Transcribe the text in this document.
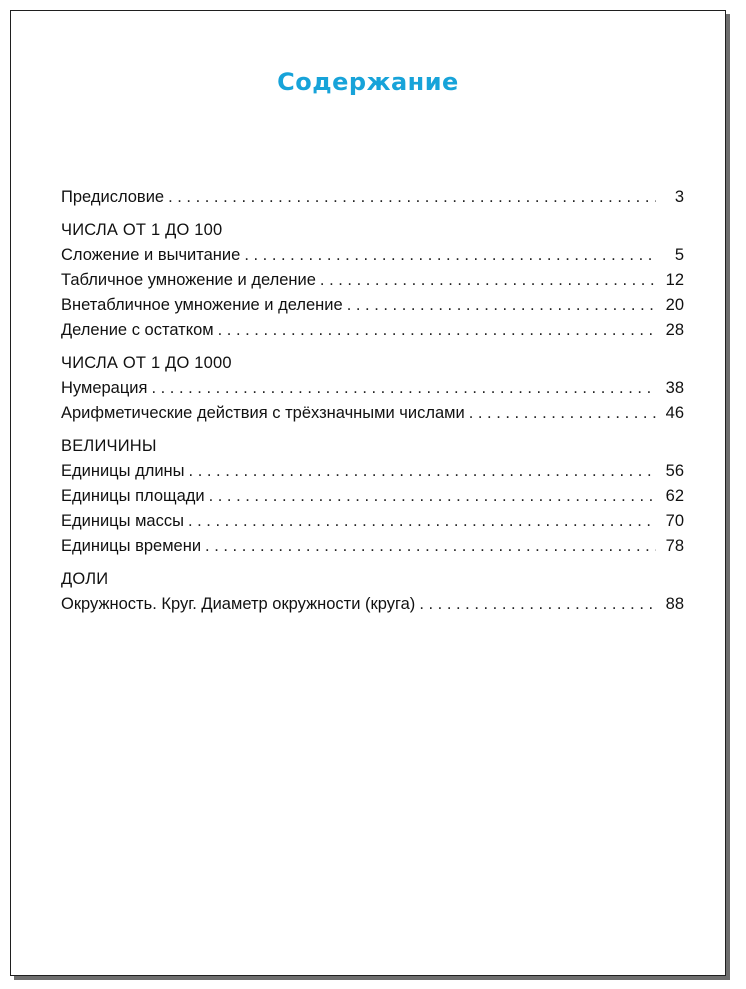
Содержание
Предисловие . . .	3
ЧИСЛА ОТ 1 ДО 100
Сложение и вычитание . . .	5
Табличное умножение и деление . . .	12
Внетабличное умножение и деление . . .	20
Деление с остатком . . .	28
ЧИСЛА ОТ 1 ДО 1000
Нумерация . . .	38
Арифметические действия с трёхзначными числами . . .	46
ВЕЛИЧИНЫ
Единицы длины . . .	56
Единицы площади . . .	62
Единицы массы . . .	70
Единицы времени . . .	78
ДОЛИ
Окружность. Круг. Диаметр окружности (круга) . . .	88
